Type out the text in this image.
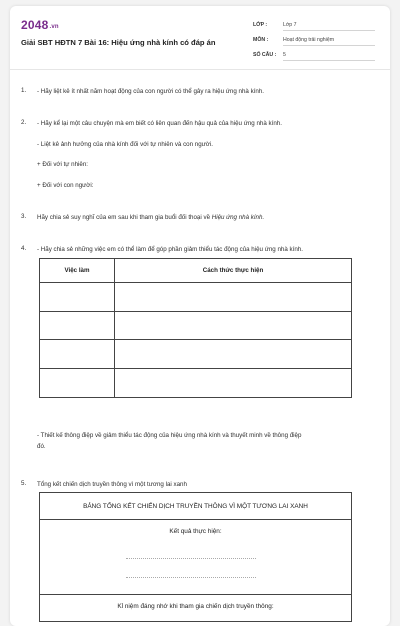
2048.vn
Giải SBT HĐTN 7 Bài 16: Hiệu ứng nhà kính có đáp án
LỚP :	Lớp 7
MÔN :	Hoạt động trải nghiệm
SỐ CÂU :	5
1. - Hãy liệt kê ít nhất năm hoạt động của con người có thể gây ra hiệu ứng nhà kính.
2. - Hãy kể lại một câu chuyện mà em biết có liên quan đến hậu quả của hiệu ứng nhà kính.
- Liệt kê ảnh hưởng của nhà kính đối với tự nhiên và con người.
+ Đối với tự nhiên:
+ Đối với con người:
3. Hãy chia sẻ suy nghĩ của em sau khi tham gia buổi đối thoại về Hiệu ứng nhà kính.
4. - Hãy chia sẻ những việc em có thể làm để góp phần giảm thiểu tác động của hiệu ứng nhà kính.
Việc làm	Cách thức thực hiện

- Thiết kế thông điệp về giảm thiểu tác động của hiệu ứng nhà kính và thuyết minh về thông điệp
đó.
5. Tổng kết chiến dịch truyền thông vì một tương lai xanh
BẢNG TỔNG KẾT CHIẾN DỊCH TRUYỀN THÔNG VÌ MỘT TƯƠNG LAI XANH
Kết quả thực hiện:
Kỉ niệm đáng nhớ khi tham gia chiến dịch truyền thông:
